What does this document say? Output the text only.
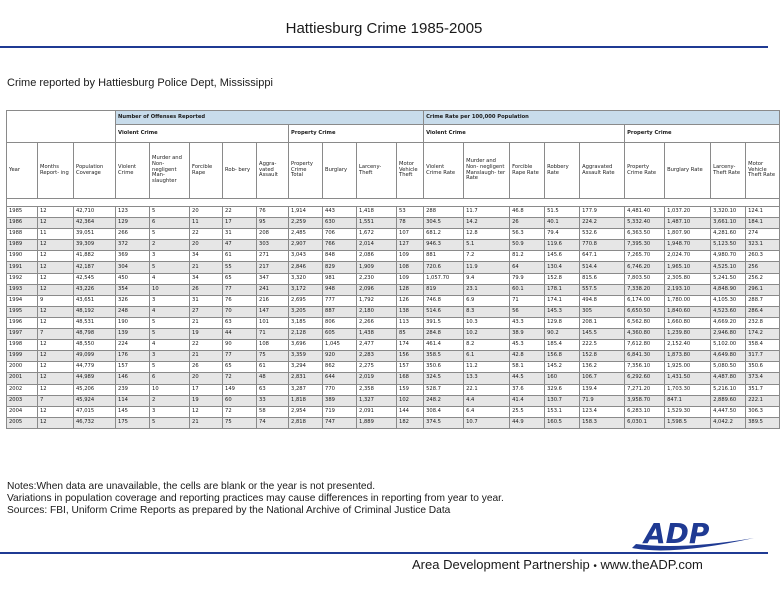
Hattiesburg Crime 1985-2005
Crime reported by Hattiesburg Police Dept, Mississippi
			Number of Offenses Reported									Crime Rate per 100,000 Population								
			Violent Crime					Property Crime				Violent Crime					Property Crime			
Year	Months Report- ing	Population Coverage	Violent Crime	Murder and Non- negligent Man- slaughter	Forcible Rape	Rob- bery	Aggra- vated Assault	Property Crime Total	Burglary	Larceny- Theft	Motor Vehicle Theft	Violent Crime Rate	Murder and Non- negligent Manslaugh- ter Rate	Forcible Rape Rate	Robbery Rate	Aggravated Assault Rate	Property Crime Rate	Burglary Rate	Larceny- Theft Rate	Motor Vehicle Theft Rate

1985	12	42,710	123	5	20	22	76	1,914	443	1,418	53	288	11.7	46.8	51.5	177.9	4,481.40	1,037.20	3,320.10	124.1
1986	12	42,364	129	6	11	17	95	2,259	630	1,551	78	304.5	14.2	26	40.1	224.2	5,332.40	1,487.10	3,661.10	184.1
1988	11	39,051	266	5	22	31	208	2,485	706	1,672	107	681.2	12.8	56.3	79.4	532.6	6,363.50	1,807.90	4,281.60	274
1989	12	39,309	372	2	20	47	303	2,907	766	2,014	127	946.3	5.1	50.9	119.6	770.8	7,395.30	1,948.70	5,123.50	323.1
1990	12	41,882	369	3	34	61	271	3,043	848	2,086	109	881	7.2	81.2	145.6	647.1	7,265.70	2,024.70	4,980.70	260.3
1991	12	42,187	304	5	21	55	217	2,846	829	1,909	108	720.6	11.9	64	130.4	514.4	6,746.20	1,965.10	4,525.10	256
1992	12	42,545	450	4	34	65	347	3,320	981	2,230	109	1,057.70	9.4	79.9	152.8	815.6	7,803.50	2,305.80	5,241.50	256.2
1993	12	43,226	354	10	26	77	241	3,172	948	2,096	128	819	23.1	60.1	178.1	557.5	7,338.20	2,193.10	4,848.90	296.1
1994	9	43,651	326	3	31	76	216	2,695	777	1,792	126	746.8	6.9	71	174.1	494.8	6,174.00	1,780.00	4,105.30	288.7
1995	12	48,192	248	4	27	70	147	3,205	887	2,180	138	514.6	8.3	56	145.3	305	6,650.50	1,840.60	4,523.60	286.4
1996	12	48,531	190	5	21	63	101	3,185	806	2,266	113	391.5	10.3	43.3	129.8	208.1	6,562.80	1,660.80	4,669.20	232.8
1997	7	48,798	139	5	19	44	71	2,128	605	1,438	85	284.8	10.2	38.9	90.2	145.5	4,360.80	1,239.80	2,946.80	174.2
1998	12	48,550	224	4	22	90	108	3,696	1,045	2,477	174	461.4	8.2	45.3	185.4	222.5	7,612.80	2,152.40	5,102.00	358.4
1999	12	49,099	176	3	21	77	75	3,359	920	2,283	156	358.5	6.1	42.8	156.8	152.8	6,841.30	1,873.80	4,649.80	317.7
2000	12	44,779	157	5	26	65	61	3,294	862	2,275	157	350.6	11.2	58.1	145.2	136.2	7,356.10	1,925.00	5,080.50	350.6
2001	12	44,989	146	6	20	72	48	2,831	644	2,019	168	324.5	13.3	44.5	160	106.7	6,292.60	1,431.50	4,487.80	373.4
2002	12	45,206	239	10	17	149	63	3,287	770	2,358	159	528.7	22.1	37.6	329.6	139.4	7,271.20	1,703.30	5,216.10	351.7
2003	7	45,924	114	2	19	60	33	1,818	389	1,327	102	248.2	4.4	41.4	130.7	71.9	3,958.70	847.1	2,889.60	222.1
2004	12	47,015	145	3	12	72	58	2,954	719	2,091	144	308.4	6.4	25.5	153.1	123.4	6,283.10	1,529.30	4,447.50	306.3
2005	12	46,732	175	5	21	75	74	2,818	747	1,889	182	374.5	10.7	44.9	160.5	158.3	6,030.1	1,598.5	4,042.2	389.5
Notes:When data are unavailable, the cells are blank or the year is not presented.
Variations in population coverage and reporting practices may cause differences in reporting from year to year.
Sources: FBI, Uniform Crime Reports as prepared by the National Archive of Criminal Justice Data
ADP
Area Development Partnership • www.theADP.com
